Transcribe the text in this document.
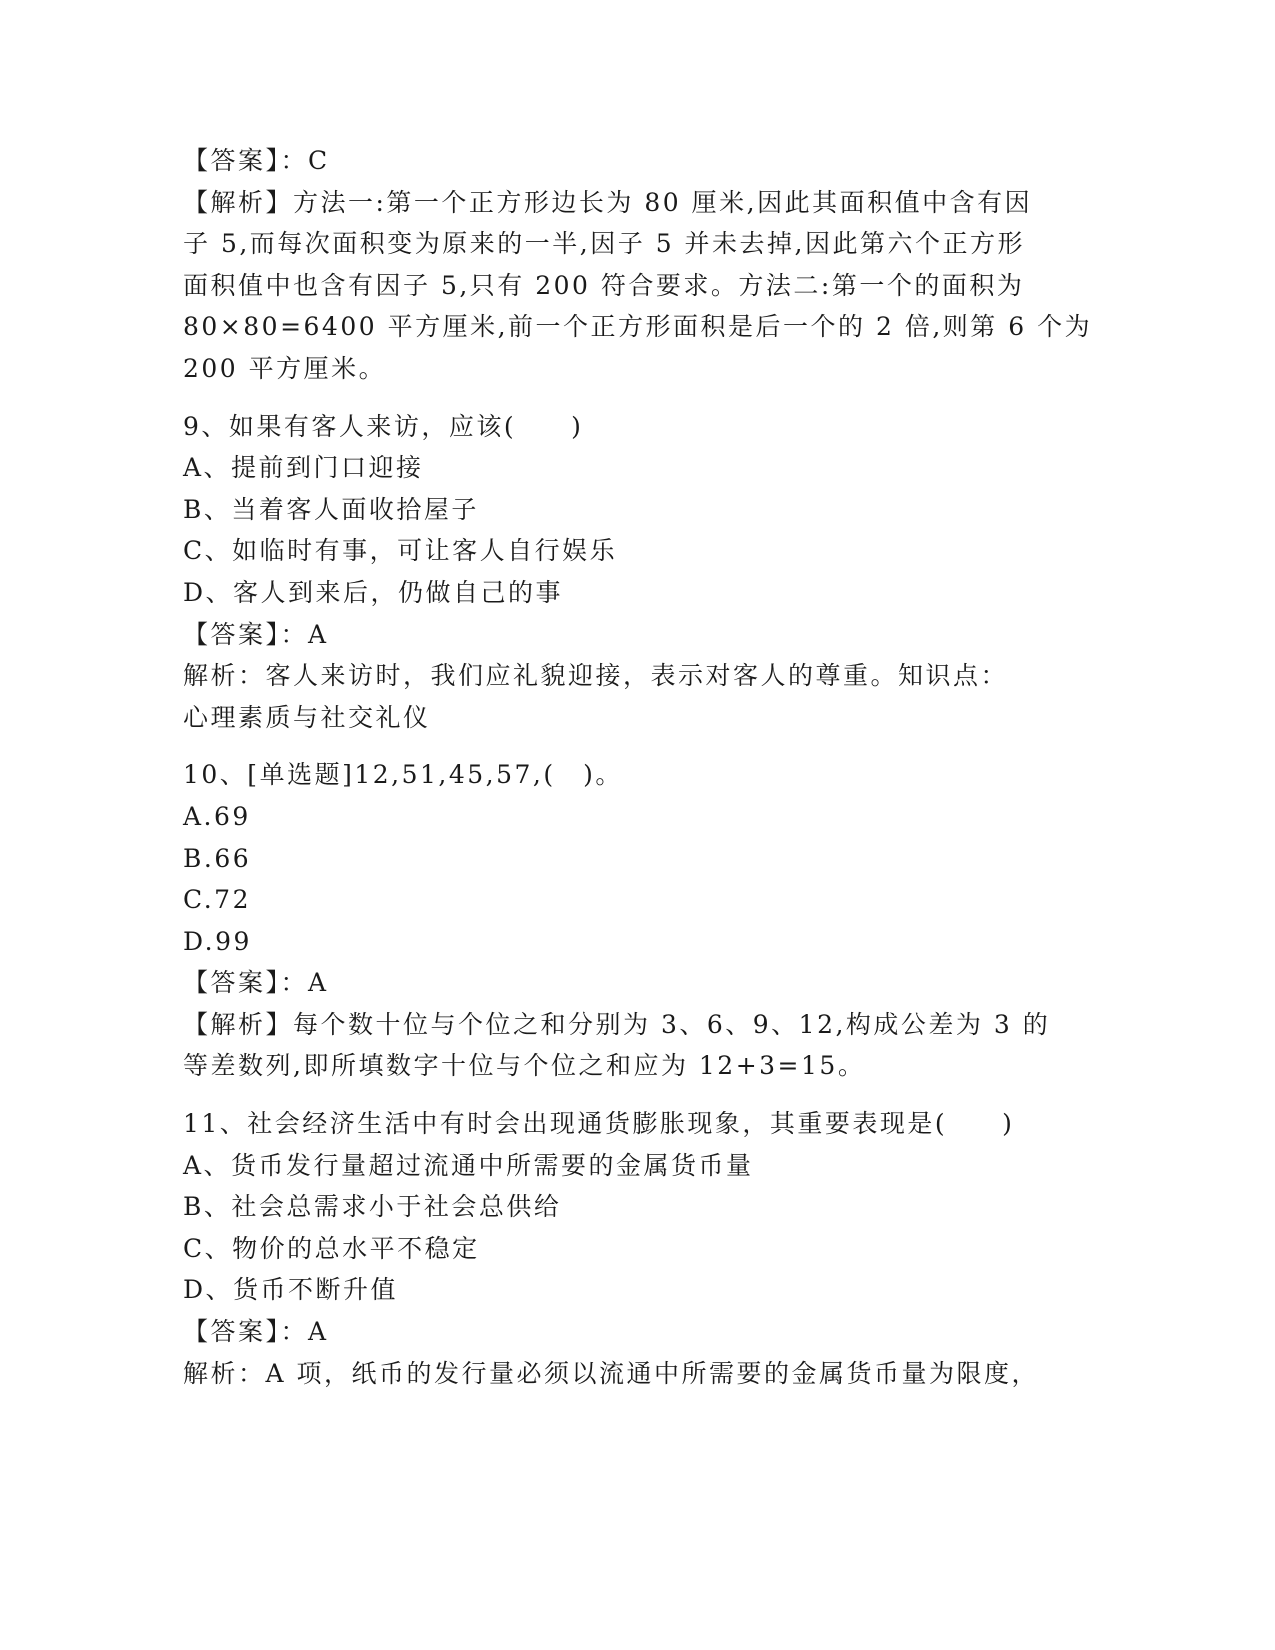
【答案】：C
【解析】方法一:第一个正方形边长为 80 厘米,因此其面积值中含有因
子 5,而每次面积变为原来的一半,因子 5 并未去掉,因此第六个正方形
面积值中也含有因子 5,只有 200 符合要求。方法二:第一个的面积为
80×80=6400 平方厘米,前一个正方形面积是后一个的 2 倍,则第 6 个为
200 平方厘米。
9、如果有客人来访，应该(　　)
A、提前到门口迎接
B、当着客人面收拾屋子
C、如临时有事，可让客人自行娱乐
D、客人到来后，仍做自己的事
【答案】：A
解析：客人来访时，我们应礼貌迎接，表示对客人的尊重。知识点：
心理素质与社交礼仪
10、[单选题]12,51,45,57,(　)。
A.69
B.66
C.72
D.99
【答案】：A
【解析】每个数十位与个位之和分别为 3、6、9、12,构成公差为 3 的
等差数列,即所填数字十位与个位之和应为 12+3=15。
11、社会经济生活中有时会出现通货膨胀现象，其重要表现是(　　)
A、货币发行量超过流通中所需要的金属货币量
B、社会总需求小于社会总供给
C、物价的总水平不稳定
D、货币不断升值
【答案】：A
解析：A 项，纸币的发行量必须以流通中所需要的金属货币量为限度，
